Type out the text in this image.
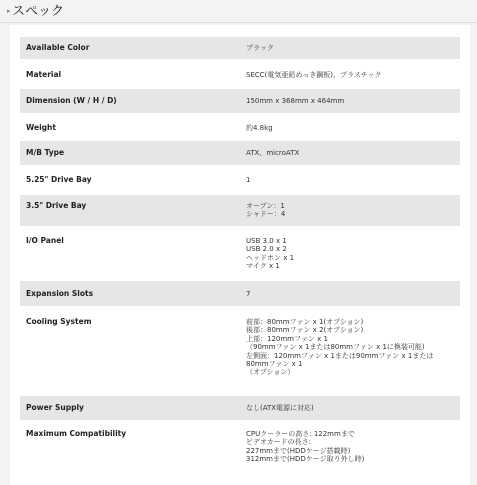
▸ スペック
Available Color	ブラック
Material	SECC(電気亜鉛めっき鋼板)、プラスチック
Dimension (W / H / D)	150mm x 368mm x 464mm
Weight	約4.8kg
M/B Type	ATX、microATX
5.25" Drive Bay	1
3.5" Drive Bay	オープン：1
シャドー：4
I/O Panel	USB 3.0 x 1
USB 2.0 x 2
ヘッドホン x 1
マイク x 1
Expansion Slots	7
Cooling System	前部：80mmファン x 1(オプション)
後部：80mmファン x 2(オプション)
上部：120mmファン x 1
（90mmファン x 1または80mmファン x 1に換装可能)
左側面：120mmファン x 1または90mmファン x 1または
80mmファン x 1
（オプション）
Power Supply	なし(ATX電源に対応)
Maximum Compatibility	CPUクーラーの高さ: 122mmまで
ビデオカードの長さ:
227mmまで(HDDケージ搭載時)
312mmまで(HDDケージ取り外し時)
